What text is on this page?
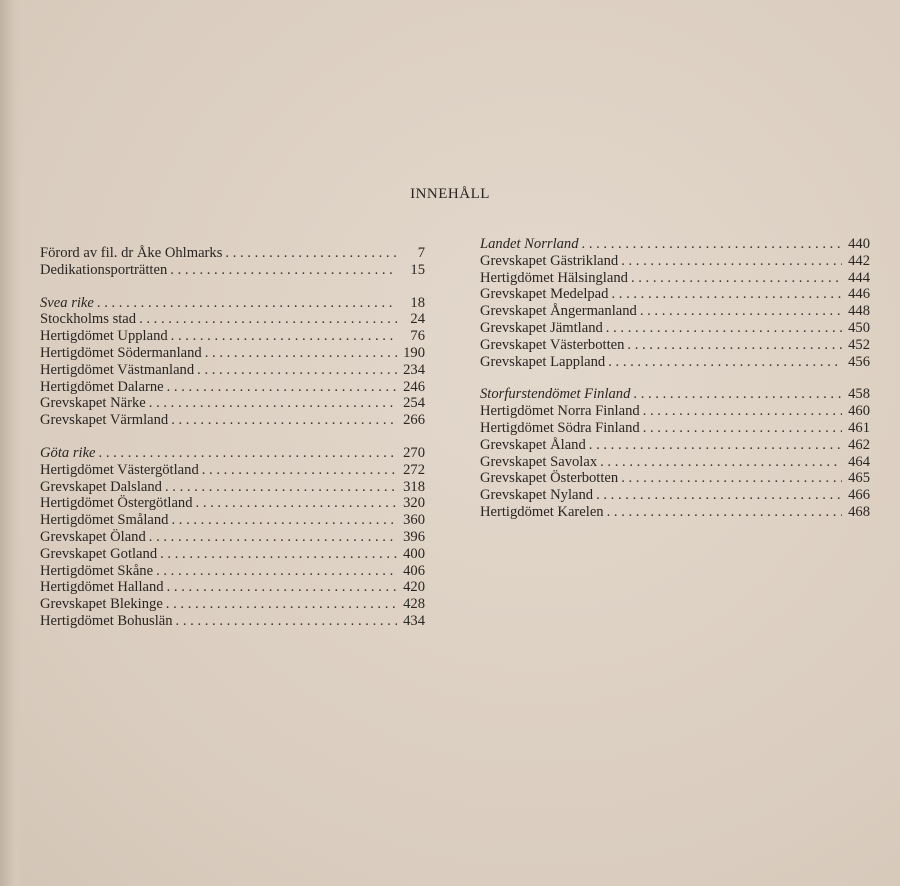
INNEHÅLL
Förord av fil. dr Åke Ohlmarks . . .	7
Dedikationsporträtten . . .	15
Svea rike . . .	18
Stockholms stad . . .	24
Hertigdömet Uppland . . .	76
Hertigdömet Södermanland . . .	190
Hertigdömet Västmanland . . .	234
Hertigdömet Dalarne . . .	246
Grevskapet Närke . . .	254
Grevskapet Värmland . . .	266
Göta rike . . .	270
Hertigdömet Västergötland . . .	272
Grevskapet Dalsland . . .	318
Hertigdömet Östergötland . . .	320
Hertigdömet Småland . . .	360
Grevskapet Öland . . .	396
Grevskapet Gotland . . .	400
Hertigdömet Skåne . . .	406
Hertigdömet Halland . . .	420
Grevskapet Blekinge . . .	428
Hertigdömet Bohuslän . . .	434
Landet Norrland . . .	440
Grevskapet Gästrikland . . .	442
Hertigdömet Hälsingland . . .	444
Grevskapet Medelpad . . .	446
Grevskapet Ångermanland . . .	448
Grevskapet Jämtland . . .	450
Grevskapet Västerbotten . . .	452
Grevskapet Lappland . . .	456
Storfurstendömet Finland . . .	458
Hertigdömet Norra Finland . . .	460
Hertigdömet Södra Finland . . .	461
Grevskapet Åland . . .	462
Grevskapet Savolax . . .	464
Grevskapet Österbotten . . .	465
Grevskapet Nyland . . .	466
Hertigdömet Karelen . . .	468
